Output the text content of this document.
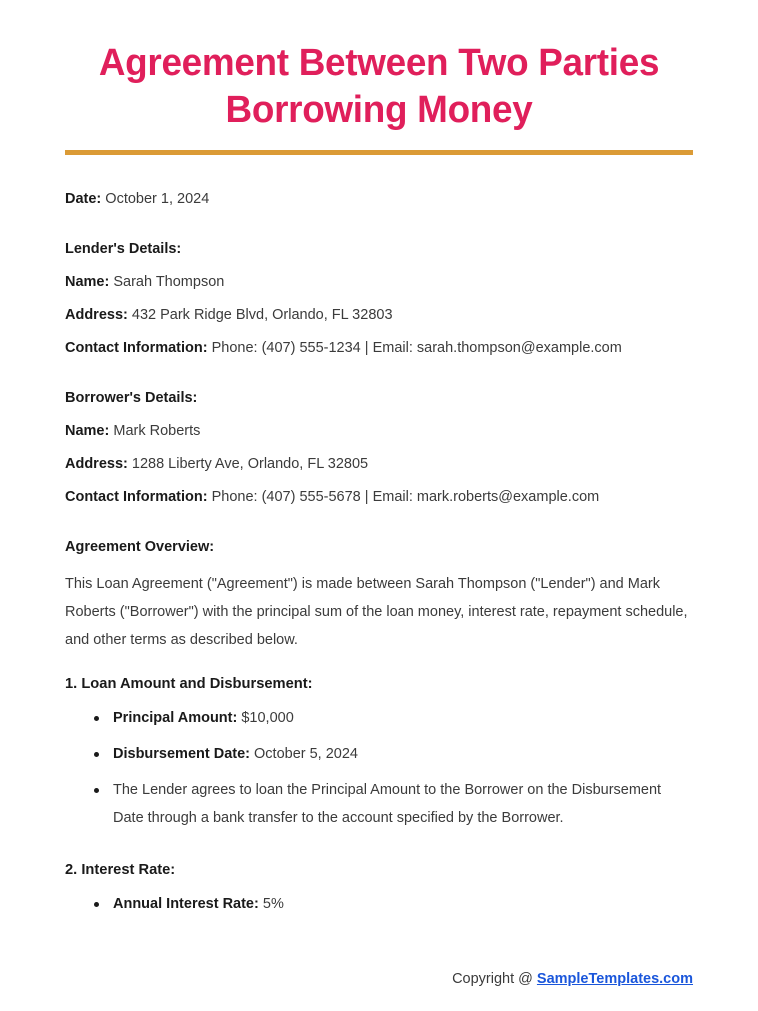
Agreement Between Two Parties
Borrowing Money

Date: October 1, 2024

Lender's Details:

Name: Sarah Thompson

Address: 432 Park Ridge Blvd, Orlando, FL 32803

Contact Information: Phone: (407) 555-1234 | Email: sarah.thompson@example.com

Borrower's Details:

Name: Mark Roberts

Address: 1288 Liberty Ave, Orlando, FL 32805

Contact Information: Phone: (407) 555-5678 | Email: mark.roberts@example.com

Agreement Overview:

This Loan Agreement ("Agreement") is made between Sarah Thompson ("Lender") and Mark Roberts ("Borrower") with the principal sum of the loan money, interest rate, repayment schedule, and other terms as described below.

1. Loan Amount and Disbursement:

Principal Amount: $10,000
Disbursement Date: October 5, 2024
The Lender agrees to loan the Principal Amount to the Borrower on the Disbursement Date through a bank transfer to the account specified by the Borrower.

2. Interest Rate:

Annual Interest Rate: 5%
Copyright @ SampleTemplates.com
